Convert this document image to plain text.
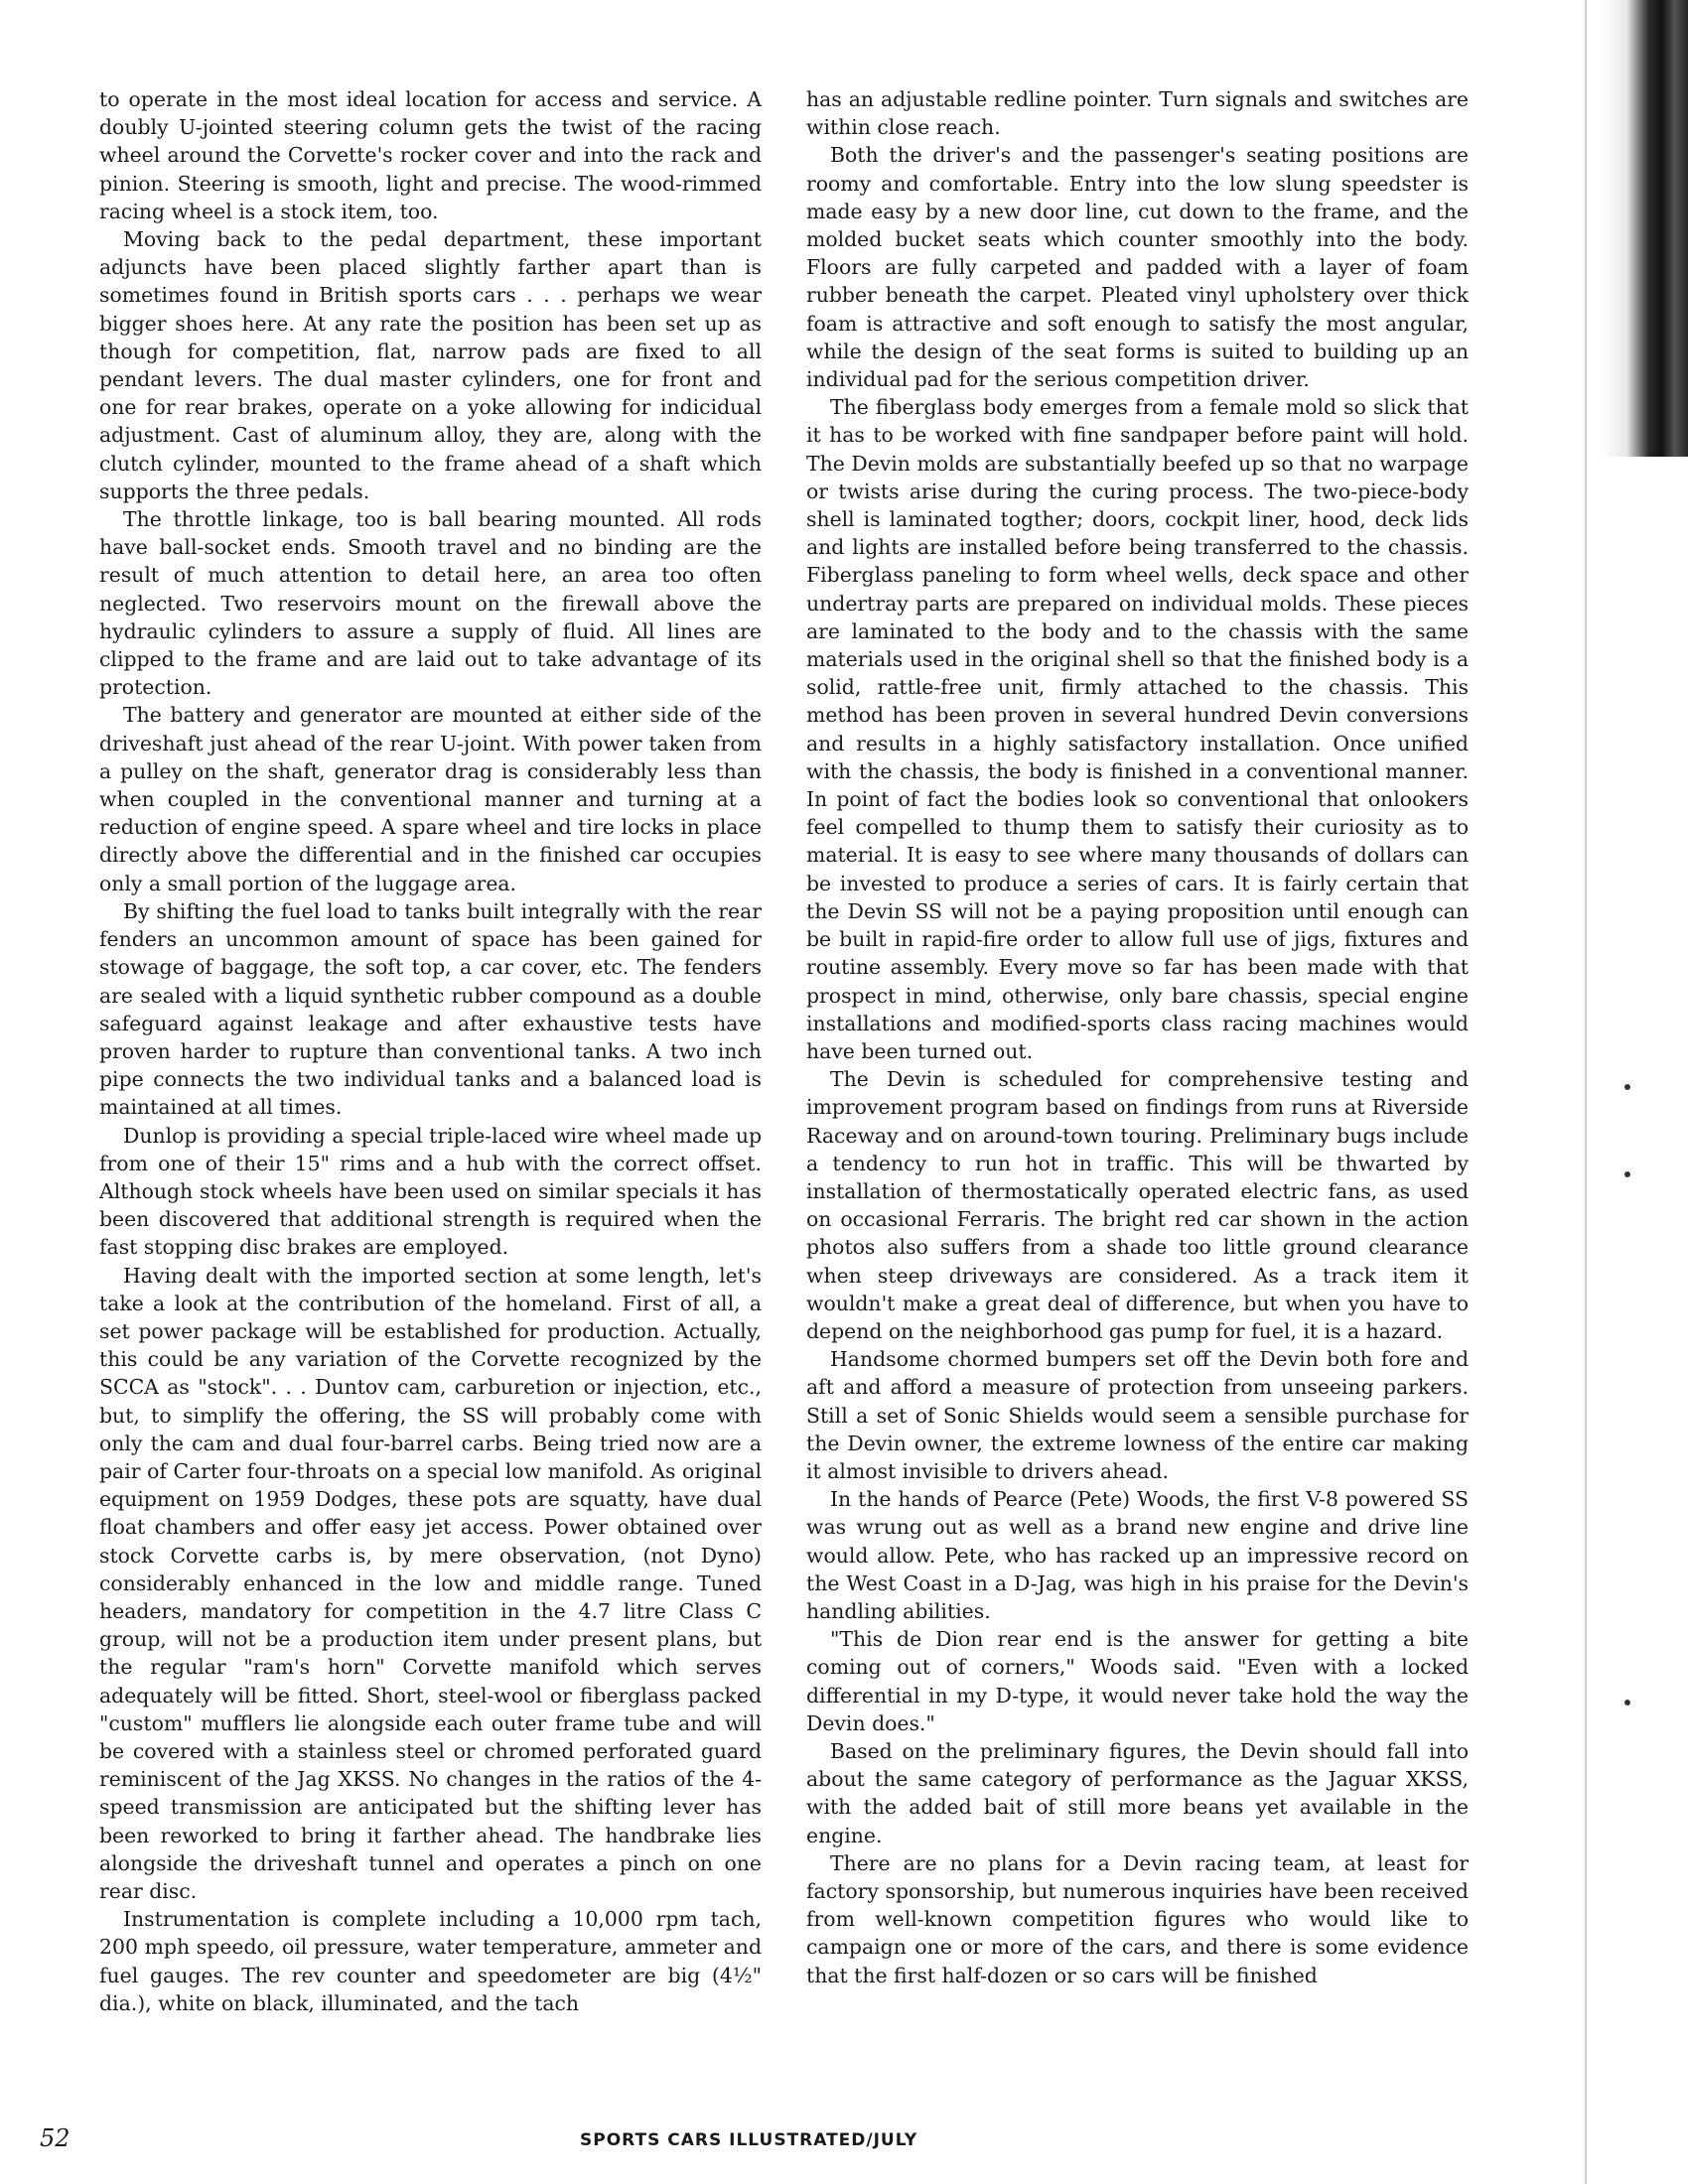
to operate in the most ideal location for access and service. A doubly U-jointed steering column gets the twist of the racing wheel around the Corvette's rocker cover and into the rack and pinion. Steering is smooth, light and precise. The wood-rimmed racing wheel is a stock item, too.

Moving back to the pedal department, these important adjuncts have been placed slightly farther apart than is sometimes found in British sports cars . . . perhaps we wear bigger shoes here. At any rate the position has been set up as though for competition, flat, narrow pads are fixed to all pendant levers. The dual master cylinders, one for front and one for rear brakes, operate on a yoke allowing for indicidual adjustment. Cast of aluminum alloy, they are, along with the clutch cylinder, mounted to the frame ahead of a shaft which supports the three pedals.

The throttle linkage, too is ball bearing mounted. All rods have ball-socket ends. Smooth travel and no binding are the result of much attention to detail here, an area too often neglected. Two reservoirs mount on the firewall above the hydraulic cylinders to assure a supply of fluid. All lines are clipped to the frame and are laid out to take advantage of its protection.

The battery and generator are mounted at either side of the driveshaft just ahead of the rear U-joint. With power taken from a pulley on the shaft, generator drag is considerably less than when coupled in the conventional manner and turning at a reduction of engine speed. A spare wheel and tire locks in place directly above the differential and in the finished car occupies only a small portion of the luggage area.

By shifting the fuel load to tanks built integrally with the rear fenders an uncommon amount of space has been gained for stowage of baggage, the soft top, a car cover, etc. The fenders are sealed with a liquid synthetic rubber compound as a double safeguard against leakage and after exhaustive tests have proven harder to rupture than conventional tanks. A two inch pipe connects the two individual tanks and a balanced load is maintained at all times.

Dunlop is providing a special triple-laced wire wheel made up from one of their 15" rims and a hub with the correct offset. Although stock wheels have been used on similar specials it has been discovered that additional strength is required when the fast stopping disc brakes are employed.

Having dealt with the imported section at some length, let's take a look at the contribution of the homeland. First of all, a set power package will be established for production. Actually, this could be any variation of the Corvette recognized by the SCCA as "stock". . . Duntov cam, carburetion or injection, etc., but, to simplify the offering, the SS will probably come with only the cam and dual four-barrel carbs. Being tried now are a pair of Carter four-throats on a special low manifold. As original equipment on 1959 Dodges, these pots are squatty, have dual float chambers and offer easy jet access. Power obtained over stock Corvette carbs is, by mere observation, (not Dyno) considerably enhanced in the low and middle range. Tuned headers, mandatory for competition in the 4.7 litre Class C group, will not be a production item under present plans, but the regular "ram's horn" Corvette manifold which serves adequately will be fitted. Short, steel-wool or fiberglass packed "custom" mufflers lie alongside each outer frame tube and will be covered with a stainless steel or chromed perforated guard reminiscent of the Jag XKSS. No changes in the ratios of the 4-speed transmission are anticipated but the shifting lever has been reworked to bring it farther ahead. The handbrake lies alongside the driveshaft tunnel and operates a pinch on one rear disc.

Instrumentation is complete including a 10,000 rpm tach, 200 mph speedo, oil pressure, water temperature, ammeter and fuel gauges. The rev counter and speedometer are big (4½" dia.), white on black, illuminated, and the tach

has an adjustable redline pointer. Turn signals and switches are within close reach.

Both the driver's and the passenger's seating positions are roomy and comfortable. Entry into the low slung speedster is made easy by a new door line, cut down to the frame, and the molded bucket seats which counter smoothly into the body. Floors are fully carpeted and padded with a layer of foam rubber beneath the carpet. Pleated vinyl upholstery over thick foam is attractive and soft enough to satisfy the most angular, while the design of the seat forms is suited to building up an individual pad for the serious competition driver.

The fiberglass body emerges from a female mold so slick that it has to be worked with fine sandpaper before paint will hold. The Devin molds are substantially beefed up so that no warpage or twists arise during the curing process. The two-piece-body shell is laminated togther; doors, cockpit liner, hood, deck lids and lights are installed before being transferred to the chassis. Fiberglass paneling to form wheel wells, deck space and other undertray parts are prepared on individual molds. These pieces are laminated to the body and to the chassis with the same materials used in the original shell so that the finished body is a solid, rattle-free unit, firmly attached to the chassis. This method has been proven in several hundred Devin conversions and results in a highly satisfactory installation. Once unified with the chassis, the body is finished in a conventional manner. In point of fact the bodies look so conventional that onlookers feel compelled to thump them to satisfy their curiosity as to material. It is easy to see where many thousands of dollars can be invested to produce a series of cars. It is fairly certain that the Devin SS will not be a paying proposition until enough can be built in rapid-fire order to allow full use of jigs, fixtures and routine assembly. Every move so far has been made with that prospect in mind, otherwise, only bare chassis, special engine installations and modified-sports class racing machines would have been turned out.

The Devin is scheduled for comprehensive testing and improvement program based on findings from runs at Riverside Raceway and on around-town touring. Preliminary bugs include a tendency to run hot in traffic. This will be thwarted by installation of thermostatically operated electric fans, as used on occasional Ferraris. The bright red car shown in the action photos also suffers from a shade too little ground clearance when steep driveways are considered. As a track item it wouldn't make a great deal of difference, but when you have to depend on the neighborhood gas pump for fuel, it is a hazard.

Handsome chormed bumpers set off the Devin both fore and aft and afford a measure of protection from unseeing parkers. Still a set of Sonic Shields would seem a sensible purchase for the Devin owner, the extreme lowness of the entire car making it almost invisible to drivers ahead.

In the hands of Pearce (Pete) Woods, the first V-8 powered SS was wrung out as well as a brand new engine and drive line would allow. Pete, who has racked up an impressive record on the West Coast in a D-Jag, was high in his praise for the Devin's handling abilities.

"This de Dion rear end is the answer for getting a bite coming out of corners," Woods said. "Even with a locked differential in my D-type, it would never take hold the way the Devin does."

Based on the preliminary figures, the Devin should fall into about the same category of performance as the Jaguar XKSS, with the added bait of still more beans yet available in the engine.

There are no plans for a Devin racing team, at least for factory sponsorship, but numerous inquiries have been received from well-known competition figures who would like to campaign one or more of the cars, and there is some evidence that the first half-dozen or so cars will be finished

52	SPORTS CARS ILLUSTRATED/JULY
